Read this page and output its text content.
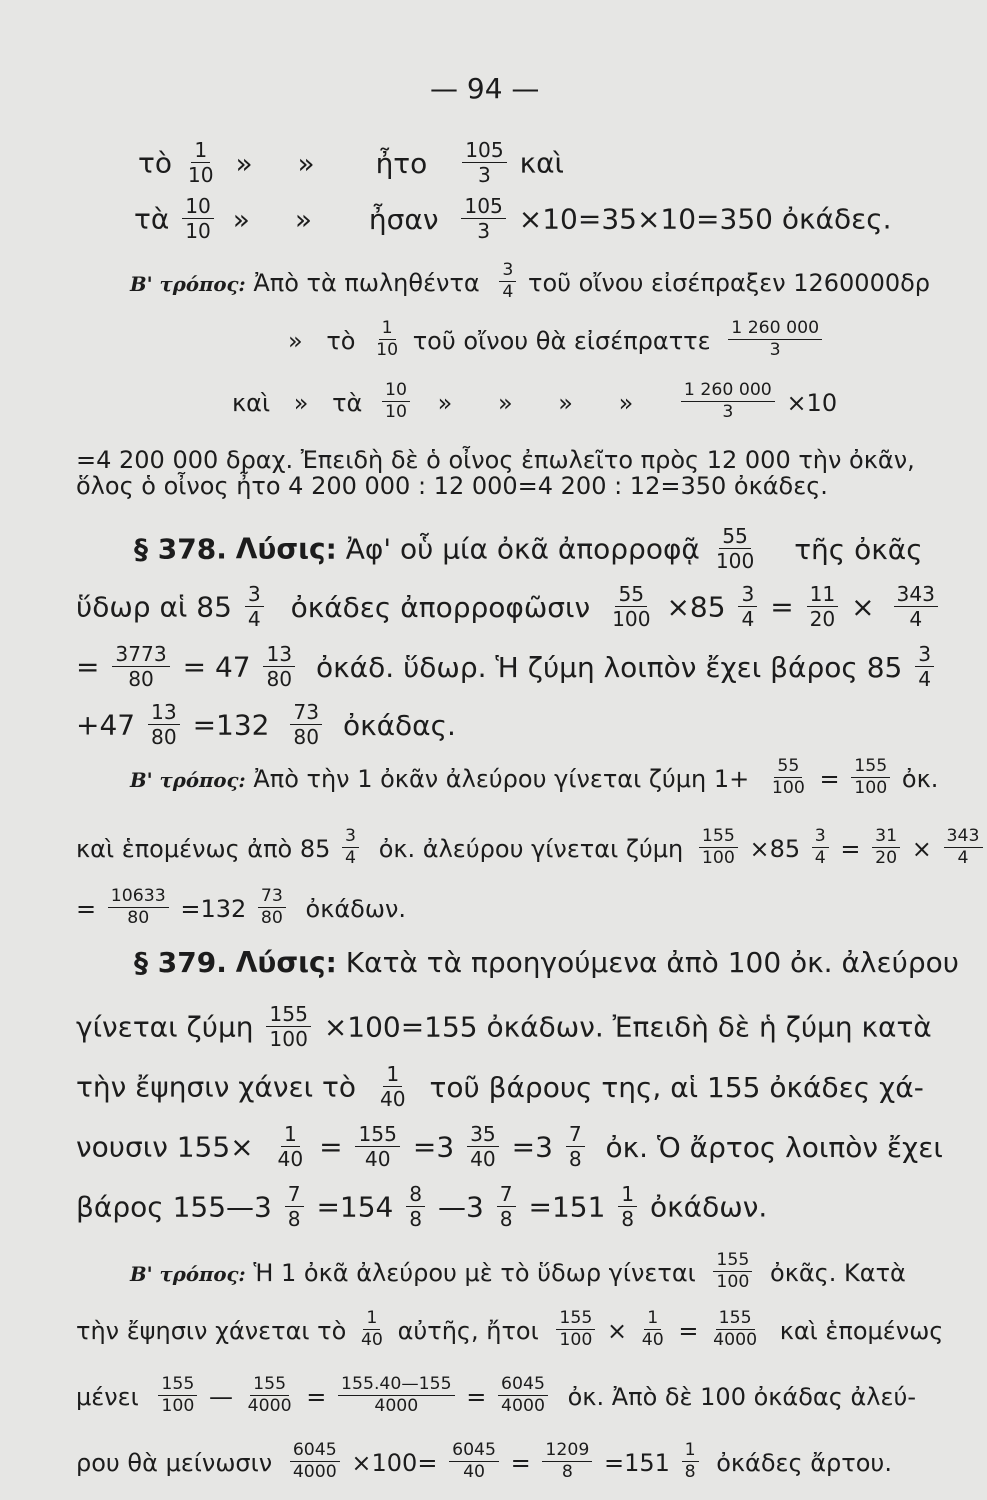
— 94 —
τὸ $\frac{1}{10}$ » » ἦτο $\frac{105}{3}$ καὶ
τὰ $\frac{10}{10}$ » » ἦσαν $\frac{105}{3} \times 10=35\times 10=350$ ὀκάδες.
Β' τρόπος: Ἀπὸ τὰ πωληθέντα $\frac{3}{4}$ τοῦ οἴνου εἰσέπραξεν 1260000δρ
» τὸ $\frac{1}{10}$ τοῦ οἴνου θὰ εἰσέπραττε $\frac{1 260 000}{3}$
καὶ » τὰ $\frac{10}{10}$ » » » »	$\frac{1 260 000}{3} \times 10$
=4 200 000 δραχ. Ἐπειδὴ δὲ ὁ οἶνος ἐπωλεῖτο πρὸς 12 000 τὴν ὀκᾶν,
ὅλος ὁ οἶνος ἦτο 4 200 000 : 12 000=4 200 : 12=350 ὀκάδες.
§ 378. Λύσις: Ἀφ' οὗ μία ὀκᾶ ἀπορροφᾷ $\frac{55}{100}$ τῆς ὀκᾶς
ὕδωρ αἱ $85 \frac{3}{4}$ ὀκάδες ἀπορροφῶσιν $\frac{55}{100} \times 85 \frac{3}{4} = \frac{11}{20} \times \frac{343}{4}$
= $\frac{3773}{80} = 47 \frac{13}{80}$ ὀκάδ. ὕδωρ. Ἡ ζύμη λοιπὸν ἔχει βάρος $85 \frac{3}{4}$
$+47 \frac{13}{80} =132 \frac{73}{80}$ ὀκάδας.
Β' τρόπος: Ἀπὸ τὴν 1 ὀκᾶν ἀλεύρου γίνεται ζύμη $1+ \frac{55}{100} = \frac{155}{100}$ ὀκ.
καὶ ἑπομένως ἀπὸ $85 \frac{3}{4}$ ὀκ. ἀλεύρου γίνεται ζύμη $\frac{155}{100} \times 85 \frac{3}{4} = \frac{31}{20} \times \frac{343}{4}$
= $\frac{10633}{80} =132 \frac{73}{80}$ ὀκάδων.
§ 379. Λύσις: Κατὰ τὰ προηγούμενα ἀπὸ 100 ὀκ. ἀλεύρου
γίνεται ζύμη $\frac{155}{100} \times 100=155$ ὀκάδων. Ἐπειδὴ δὲ ἡ ζύμη κατὰ
τὴν ἔψησιν χάνει τὸ $\frac{1}{40}$ τοῦ βάρους της, αἱ 155 ὀκάδες χά-
νουσιν $155\times \frac{1}{40} = \frac{155}{40} =3 \frac{35}{40} =3 \frac{7}{8}$ ὀκ. Ὁ ἄρτος λοιπὸν ἔχει
βάρος 155—3 $\frac{7}{8} =154 \frac{8}{8}$ —3 $\frac{7}{8} =151 \frac{1}{8}$ ὀκάδων.
Β' τρόπος: Ἡ 1 ὀκᾶ ἀλεύρου μὲ τὸ ὕδωρ γίνεται $\frac{155}{100}$ ὀκᾶς. Κατὰ
τὴν ἔψησιν χάνεται τὸ $\frac{1}{40}$ αὐτῆς, ἤτοι $\frac{155}{100} \times \frac{1}{40} = \frac{155}{4000}$ καὶ ἑπομένως
μένει $\frac{155}{100}$ — $\frac{155}{4000} = \frac{155.40—155}{4000} = \frac{6045}{4000}$ ὀκ. Ἀπὸ δὲ 100 ὀκάδας ἀλεύ-
ρου θὰ μείνωσιν $\frac{6045}{4000} \times 100= \frac{6045}{40} = \frac{1209}{8} =151 \frac{1}{8}$ ὀκάδες ἄρτου.
